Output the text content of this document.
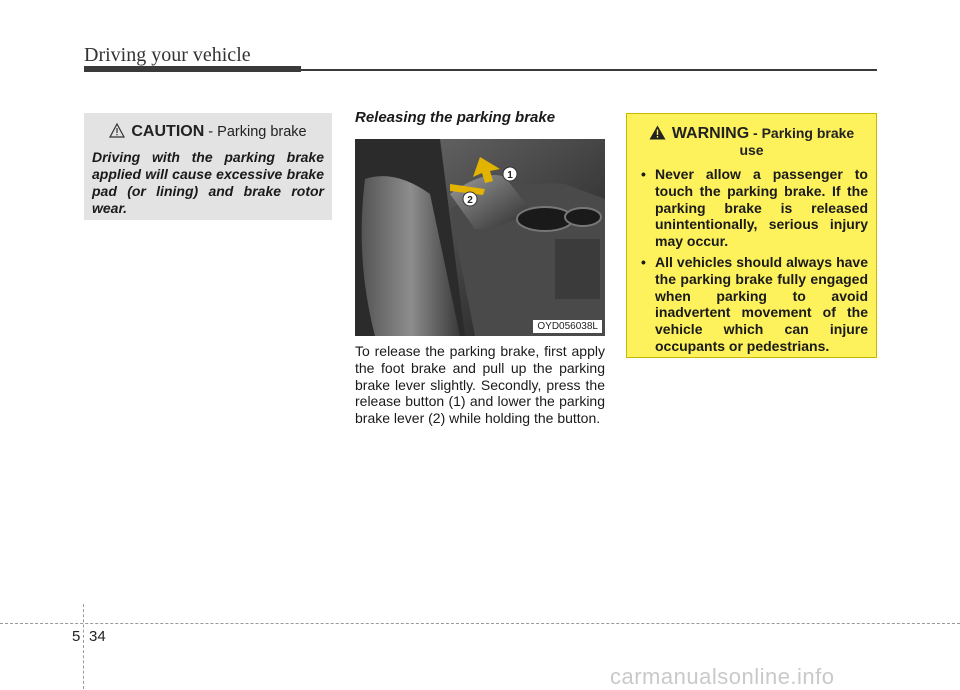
Driving your vehicle
CAUTION - Parking brake
Driving with the parking brake applied will cause excessive brake pad (or lining) and brake rotor wear.
Releasing the parking brake
1
2
OYD056038L
To release the parking brake, first apply the foot brake and pull up the parking brake lever slightly. Secondly, press the release button (1) and lower the parking brake lever (2) while holding the button.
WARNING - Parking brake use
• Never allow a passenger to touch the parking brake. If the parking brake is released unintentionally, serious injury may occur.
• All vehicles should always have the parking brake fully engaged when parking to avoid inadvertent movement of the vehicle which can injure occupants or pedestrians.
5 34
carmanualsonline.info
